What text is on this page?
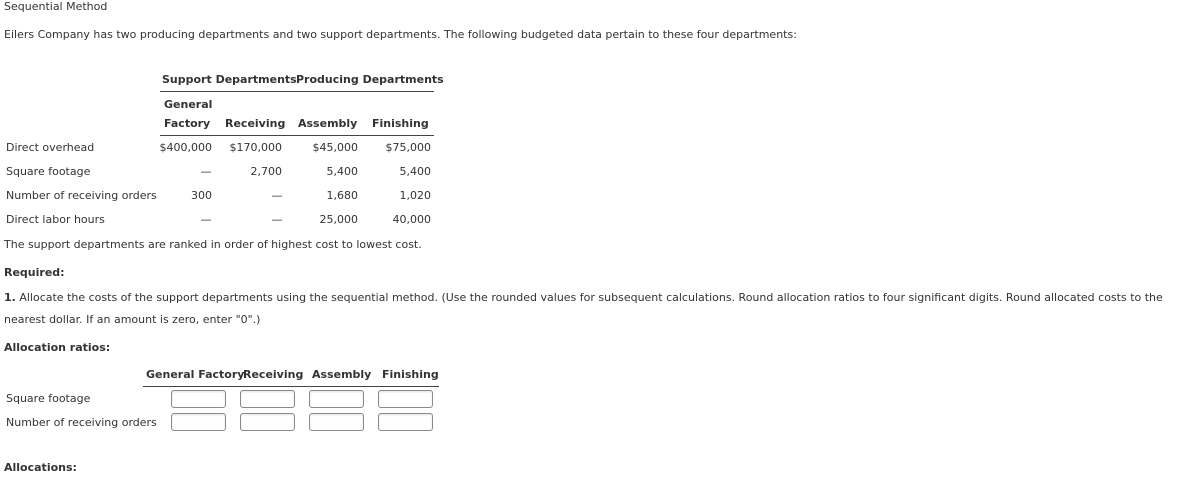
Sequential Method
Eilers Company has two producing departments and two support departments. The following budgeted data pertain to these four departments:
Support Departments Producing Departments
General
Factory Receiving Assembly Finishing
Direct overhead	$400,000 $170,000	$45,000	$75,000
Square footage	—	2,700	5,400	5,400
Number of receiving orders	300	—	1,680	1,020
Direct labor hours	—	—	25,000	40,000
The support departments are ranked in order of highest cost to lowest cost.
Required:
1. Allocate the costs of the support departments using the sequential method. (Use the rounded values for subsequent calculations. Round allocation ratios to four significant digits. Round allocated costs to the nearest dollar. If an amount is zero, enter "0".)
Allocation ratios:
General Factory
Receiving Assembly Finishing
Square footage
Number of receiving orders
Allocations:
